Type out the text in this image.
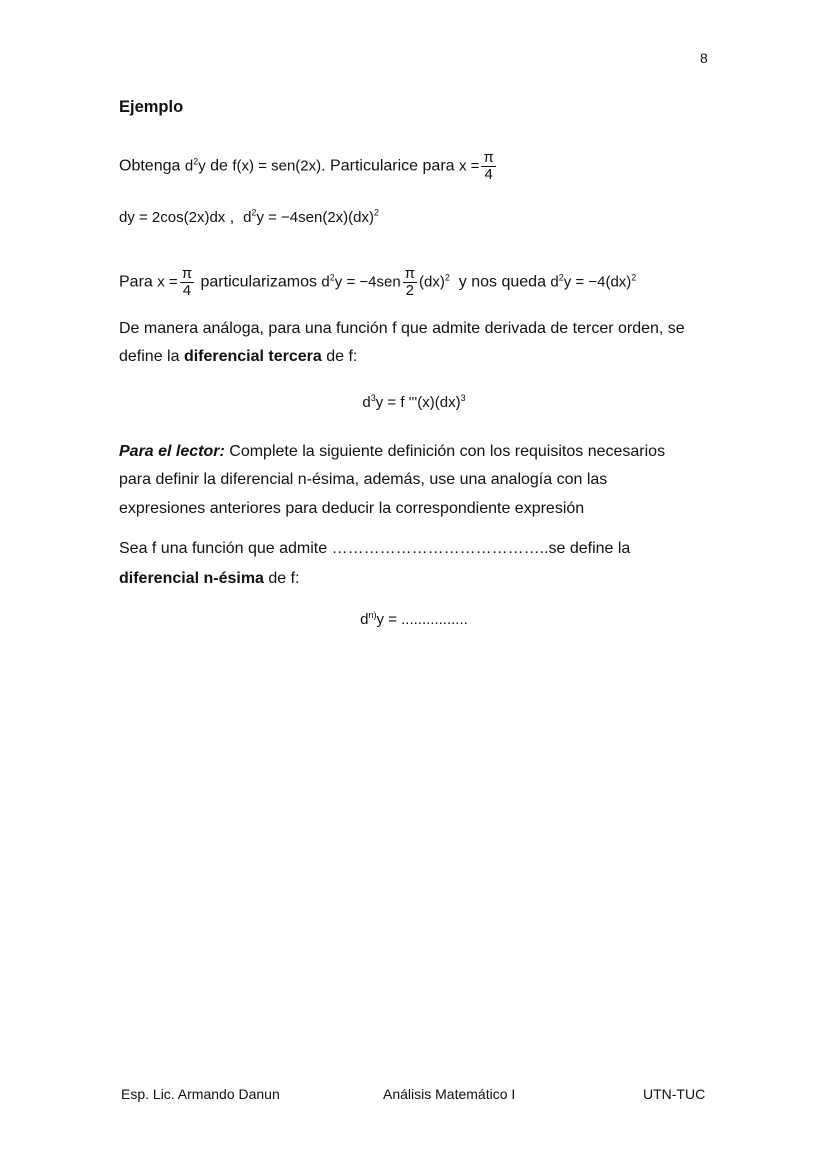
8
Ejemplo
Obtenga $d^2y$ de f(x) = sen(2x). Particularice para $x = \frac{\pi}{4}$
dy = 2cos(2x)dx , $d^2y = -4sen(2x)(dx)^2$
Para $x = \frac{\pi}{4}$ particularizamos $d^2y = -4sen \frac{\pi}{2} (dx)^2$  y nos queda $d^2y = -4(dx)^2$
De manera análoga, para una función f que admite derivada de tercer orden, se
define la diferencial tercera de f:
$d^3y = f$ '''(x)(dx)$^3$
Para el lector: Complete la siguiente definición con los requisitos necesarios
para definir la diferencial n-ésima, además, use una analogía con las
expresiones anteriores para deducir la correspondiente expresión
Sea f una función que admite …………………………………..se define la
diferencial n-ésima de f:
$d^{n)}y$ = ................
Esp. Lic. Armando Danun	Análisis Matemático I	UTN-TUC
